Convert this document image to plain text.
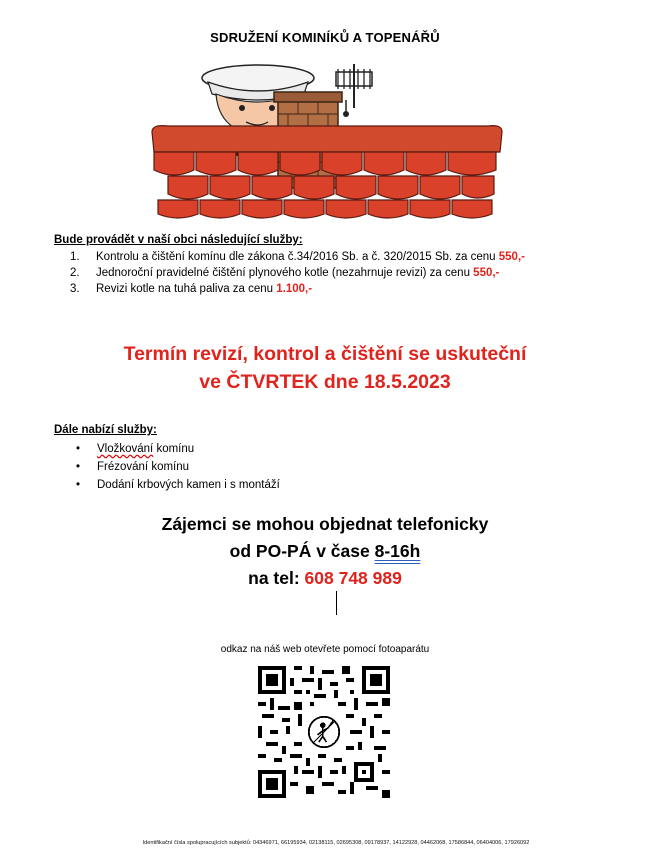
SDRUŽENÍ KOMINÍKŮ A TOPENÁŘŮ
Bude provádět v naší obci následující služby:
1. Kontrolu a čištění komínu dle zákona č.34/2016 Sb. a č. 320/2015 Sb. za cenu 550,-
2. Jednoroční pravidelné čištění plynového kotle (nezahrnuje revizi) za cenu 550,-
3. Revizi kotle na tuhá paliva za cenu 1.100,-
Termín revizí, kontrol a čištění se uskuteční
ve ČTVRTEK dne 18.5.2023
Dále nabízí služby:
• Vložkování komínu
• Frézování komínu
• Dodání krbových kamen i s montáží
Zájemci se mohou objednat telefonicky
od PO-PÁ v čase 8-16h
na tel: 608 748 989
odkaz na náš web otevřete pomocí fotoaparátu
Identifikační čísla spolupracujících subjektů: 04346971, 66195934, 02138115, 02695308, 09178937, 14122928, 04462068, 17586844, 06404006, 17926092
